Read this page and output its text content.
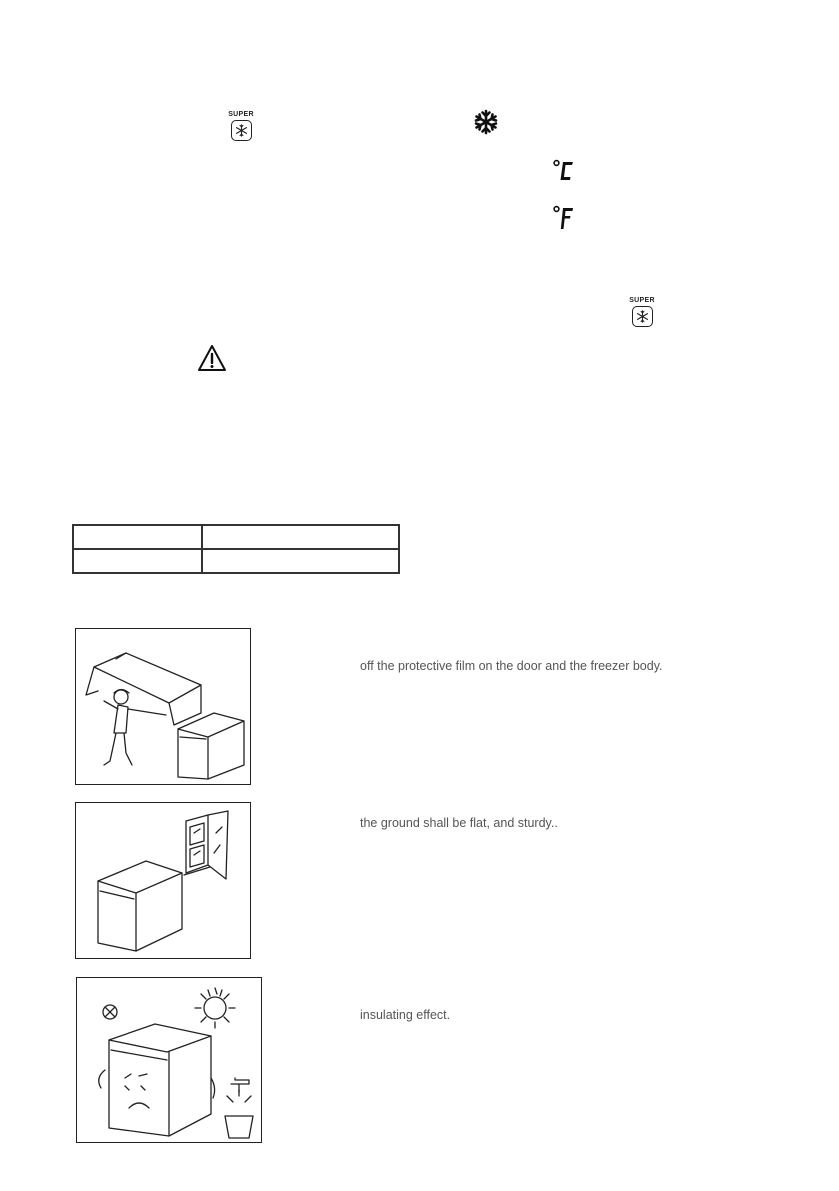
SUPER
SUPER

off the protective film on the door and the freezer body.
the ground shall be flat, and sturdy..
insulating effect.
